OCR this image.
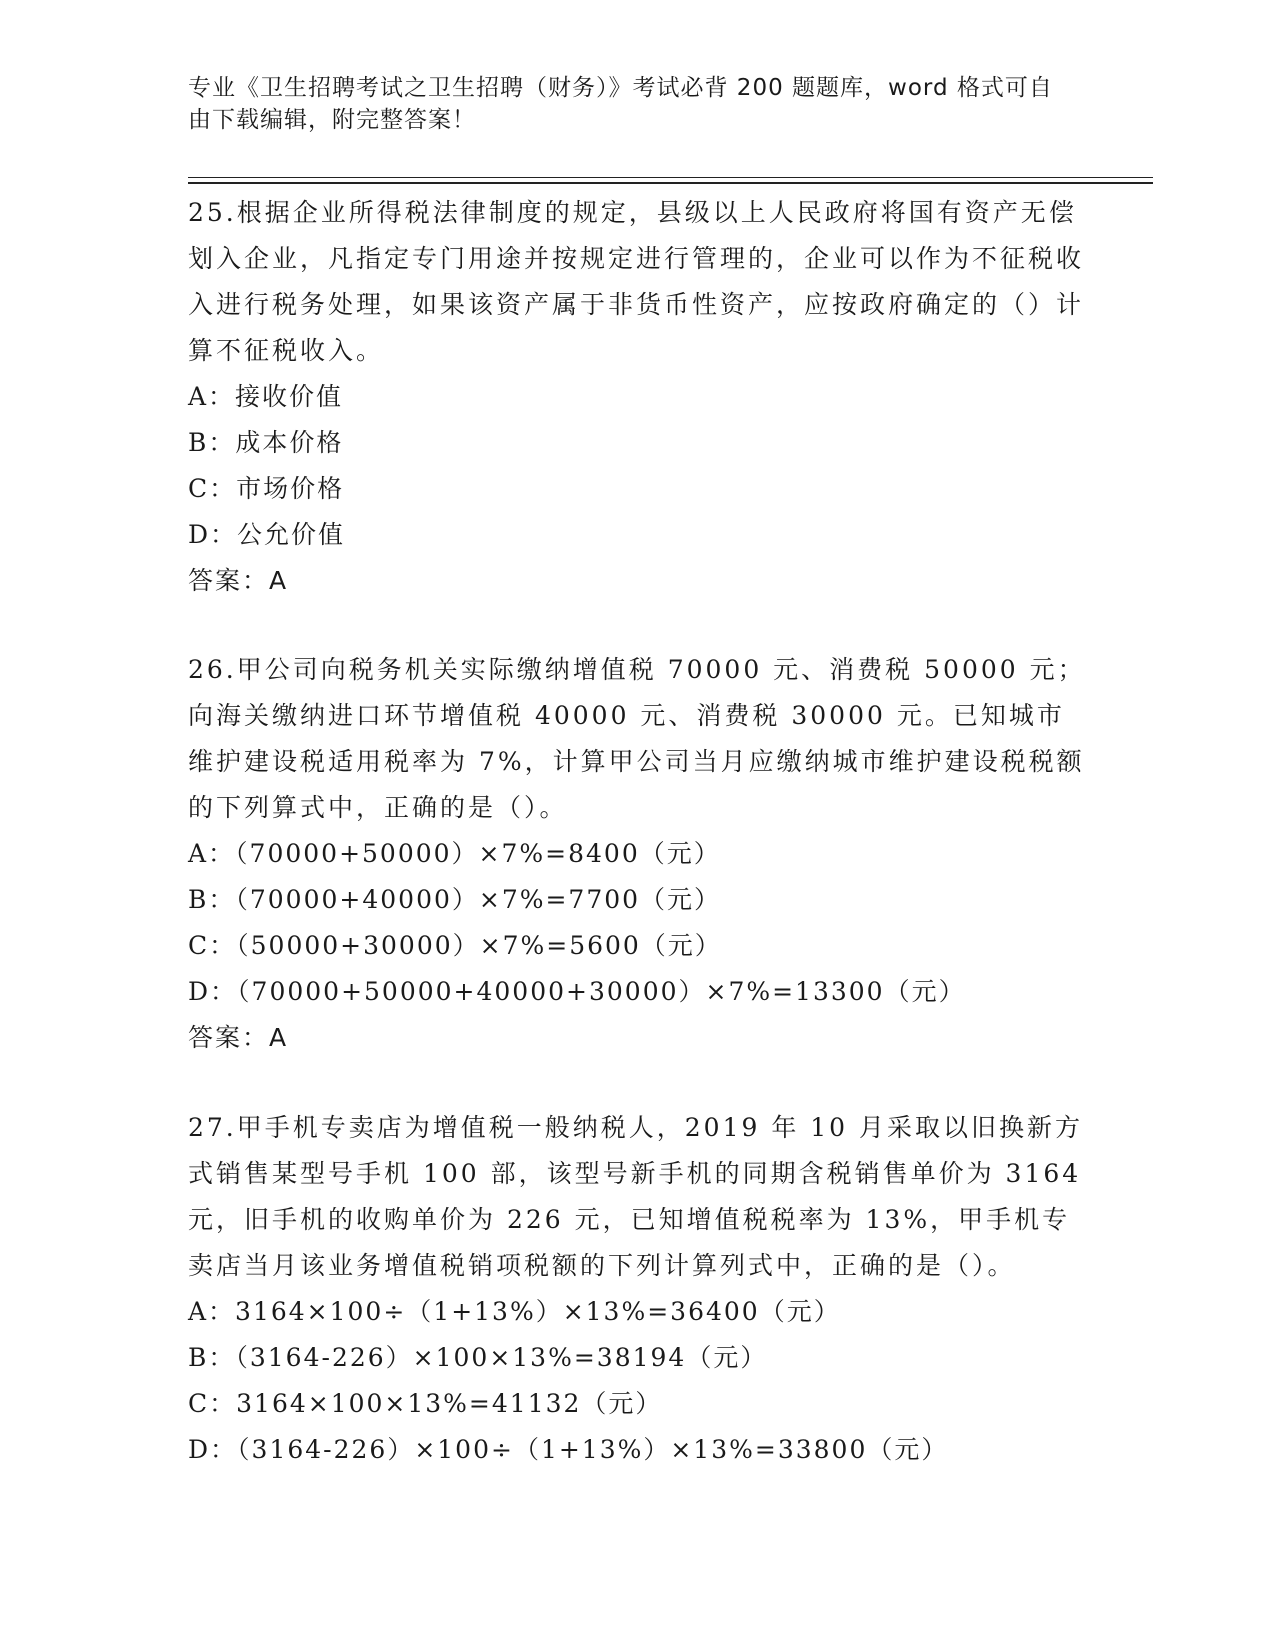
专业《卫生招聘考试之卫生招聘（财务）》考试必背 200 题题库，word 格式可自
由下载编辑，附完整答案！

25.根据企业所得税法律制度的规定，县级以上人民政府将国有资产无偿划入企业，凡指定专门用途并按规定进行管理的，企业可以作为不征税收入进行税务处理，如果该资产属于非货币性资产，应按政府确定的（）计算不征税收入。

A：接收价值

B：成本价格

C：市场价格

D：公允价值

答案：A

26.甲公司向税务机关实际缴纳增值税 70000 元、消费税 50000 元；向海关缴纳进口环节增值税 40000 元、消费税 30000 元。已知城市维护建设税适用税率为 7%，计算甲公司当月应缴纳城市维护建设税税额的下列算式中，正确的是（）。

A：（70000+50000）×7%=8400（元）

B：（70000+40000）×7%=7700（元）

C：（50000+30000）×7%=5600（元）

D：（70000+50000+40000+30000）×7%=13300（元）

答案：A

27.甲手机专卖店为增值税一般纳税人，2019 年 10 月采取以旧换新方式销售某型号手机 100 部，该型号新手机的同期含税销售单价为 3164 元，旧手机的收购单价为 226 元，已知增值税税率为 13%，甲手机专卖店当月该业务增值税销项税额的下列计算列式中，正确的是（）。

A：3164×100÷（1+13%）×13%=36400（元）

B：（3164-226）×100×13%=38194（元）

C：3164×100×13%=41132（元）

D：（3164-226）×100÷（1+13%）×13%=33800（元）
